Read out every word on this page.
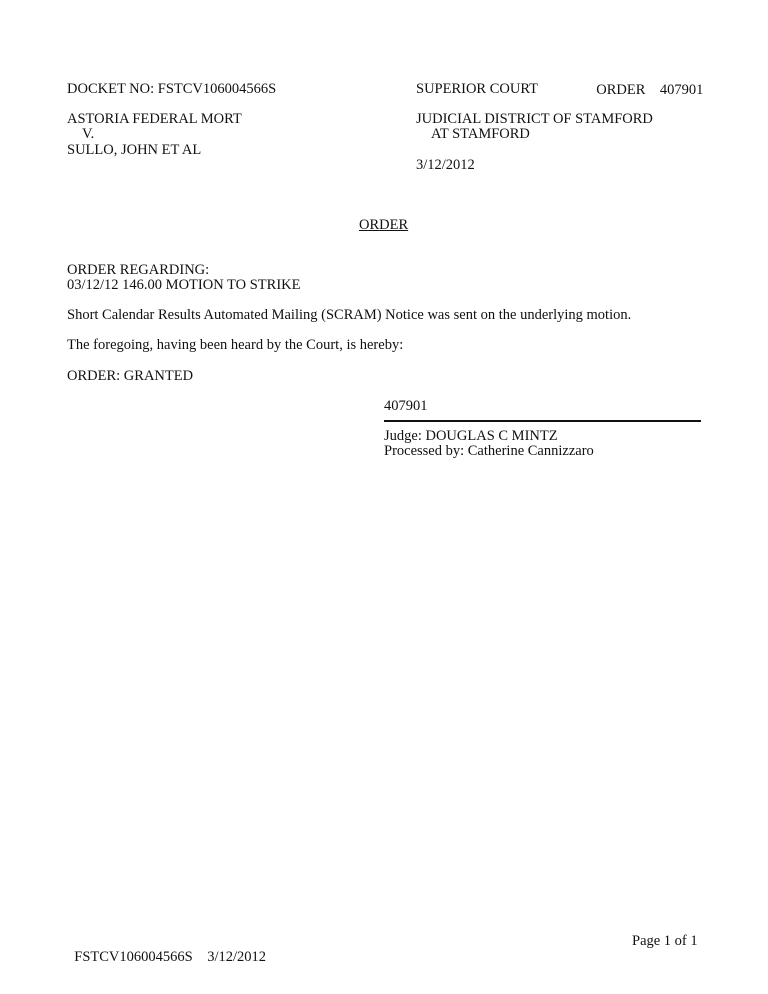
ORDER 407901

DOCKET NO: FSTCV106004566S	SUPERIOR COURT
ASTORIA FEDERAL MORT
V.
SULLO, JOHN ET AL
JUDICIAL DISTRICT OF STAMFORD
AT STAMFORD
3/12/2012
ORDER
ORDER REGARDING:
03/12/12 146.00 MOTION TO STRIKE
Short Calendar Results Automated Mailing (SCRAM) Notice was sent on the underlying motion.
The foregoing, having been heard by the Court, is hereby:
ORDER: GRANTED
407901
Judge: DOUGLAS C MINTZ
Processed by: Catherine Cannizzaro

FSTCV106004566S 3/12/2012

Page 1 of 1
